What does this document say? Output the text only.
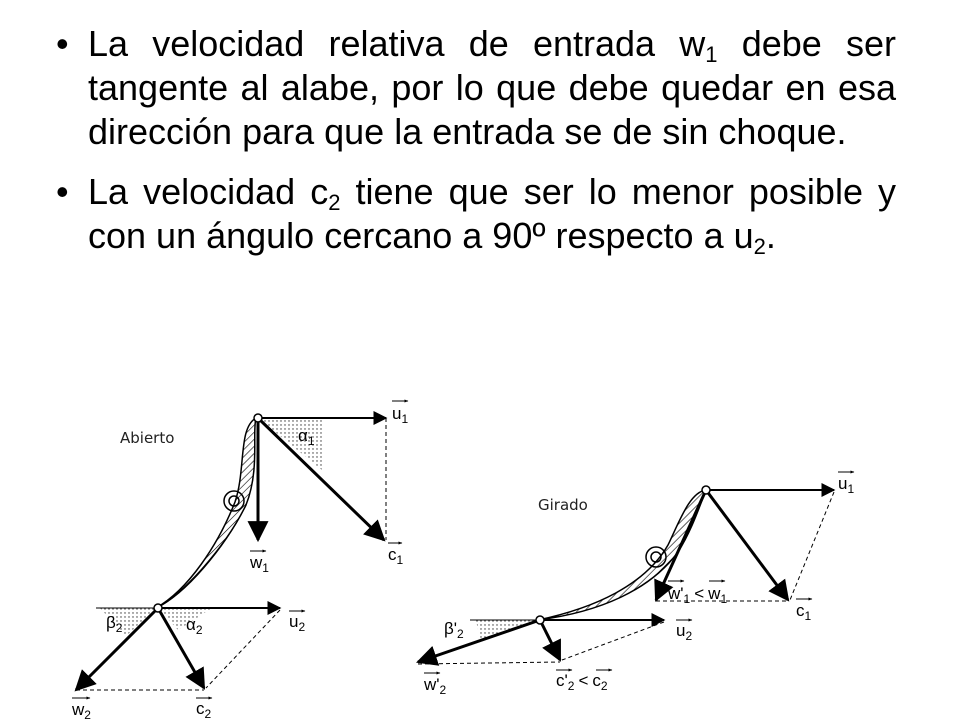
• La velocidad relativa de entrada $w_1$ debe ser tangente al alabe, por lo que debe quedar en esa dirección para que la entrada se de sin choque.
• La velocidad $c_2$ tiene que ser lo menor posible y con un ángulo cercano a 90º respecto a $u_2$.
Abierto
$u_1$
$\alpha_1$
$w_1$
$c_1$
$\beta_2$	$\alpha_2$	$u_2$
$w_2$	$c_2$
Girado
$u_1$
$w'_1 < w_1$
$c_1$
$\beta'_2$	$u_2$
$w'_2$	$c'_2 < c_2$
